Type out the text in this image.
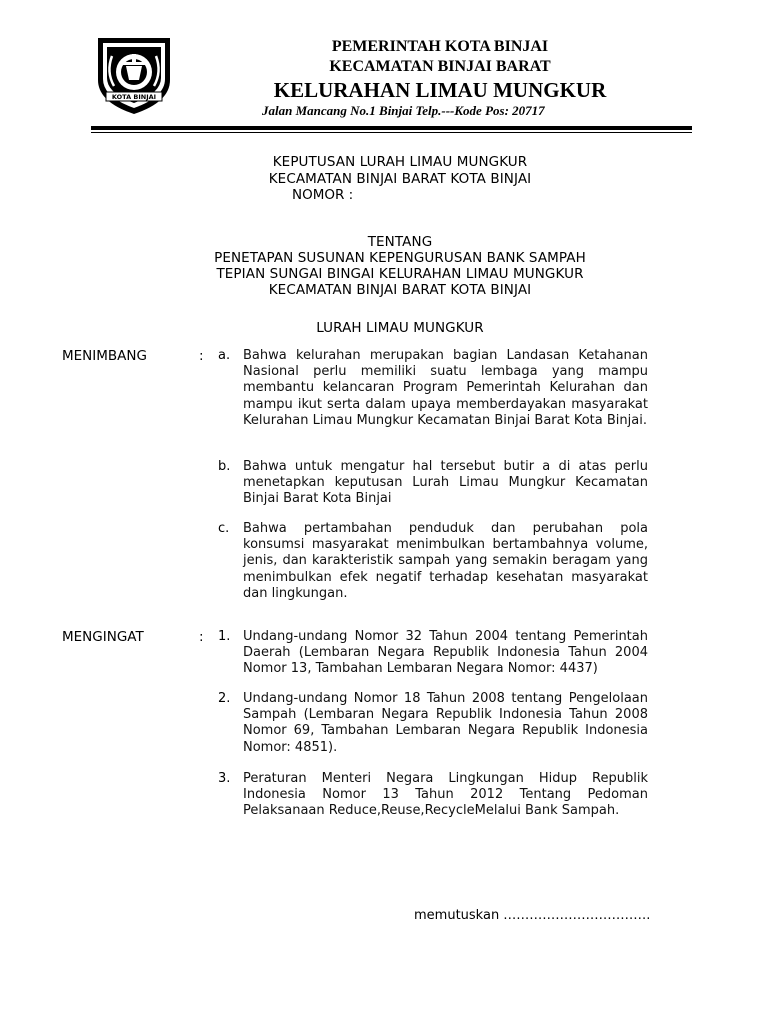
KOTA BINJAI
PEMERINTAH KOTA BINJAI
KECAMATAN BINJAI BARAT
KELURAHAN LIMAU MUNGKUR
Jalan Mancang No.1 Binjai Telp.---Kode Pos: 20717
KEPUTUSAN LURAH LIMAU MUNGKUR
KECAMATAN BINJAI BARAT KOTA BINJAI
NOMOR :
TENTANG
PENETAPAN SUSUNAN KEPENGURUSAN BANK SAMPAH
TEPIAN SUNGAI BINGAI KELURAHAN LIMAU MUNGKUR
KECAMATAN BINJAI BARAT KOTA BINJAI
LURAH LIMAU MUNGKUR
MENIMBANG	: a. Bahwa kelurahan merupakan bagian Landasan Ketahanan Nasional perlu memiliki suatu lembaga yang mampu membantu kelancaran Program Pemerintah Kelurahan dan mampu ikut serta dalam upaya memberdayakan masyarakat Kelurahan Limau Mungkur Kecamatan Binjai Barat Kota Binjai.
b. Bahwa untuk mengatur hal tersebut butir a di atas perlu menetapkan keputusan Lurah Limau Mungkur Kecamatan Binjai Barat Kota Binjai
c. Bahwa pertambahan penduduk dan perubahan pola konsumsi masyarakat menimbulkan bertambahnya volume, jenis, dan karakteristik sampah yang semakin beragam yang menimbulkan efek negatif terhadap kesehatan masyarakat dan lingkungan.
MENGINGAT	: 1. Undang-undang Nomor 32 Tahun 2004 tentang Pemerintah Daerah (Lembaran Negara Republik Indonesia Tahun 2004 Nomor 13, Tambahan Lembaran Negara Nomor: 4437)
2. Undang-undang Nomor 18 Tahun 2008 tentang Pengelolaan Sampah (Lembaran Negara Republik Indonesia Tahun 2008 Nomor 69, Tambahan Lembaran Negara Republik Indonesia Nomor: 4851).
3. Peraturan Menteri Negara Lingkungan Hidup Republik Indonesia Nomor 13 Tahun 2012 Tentang Pedoman Pelaksanaan Reduce,Reuse,RecycleMelalui Bank Sampah.
memutuskan …………………………….
